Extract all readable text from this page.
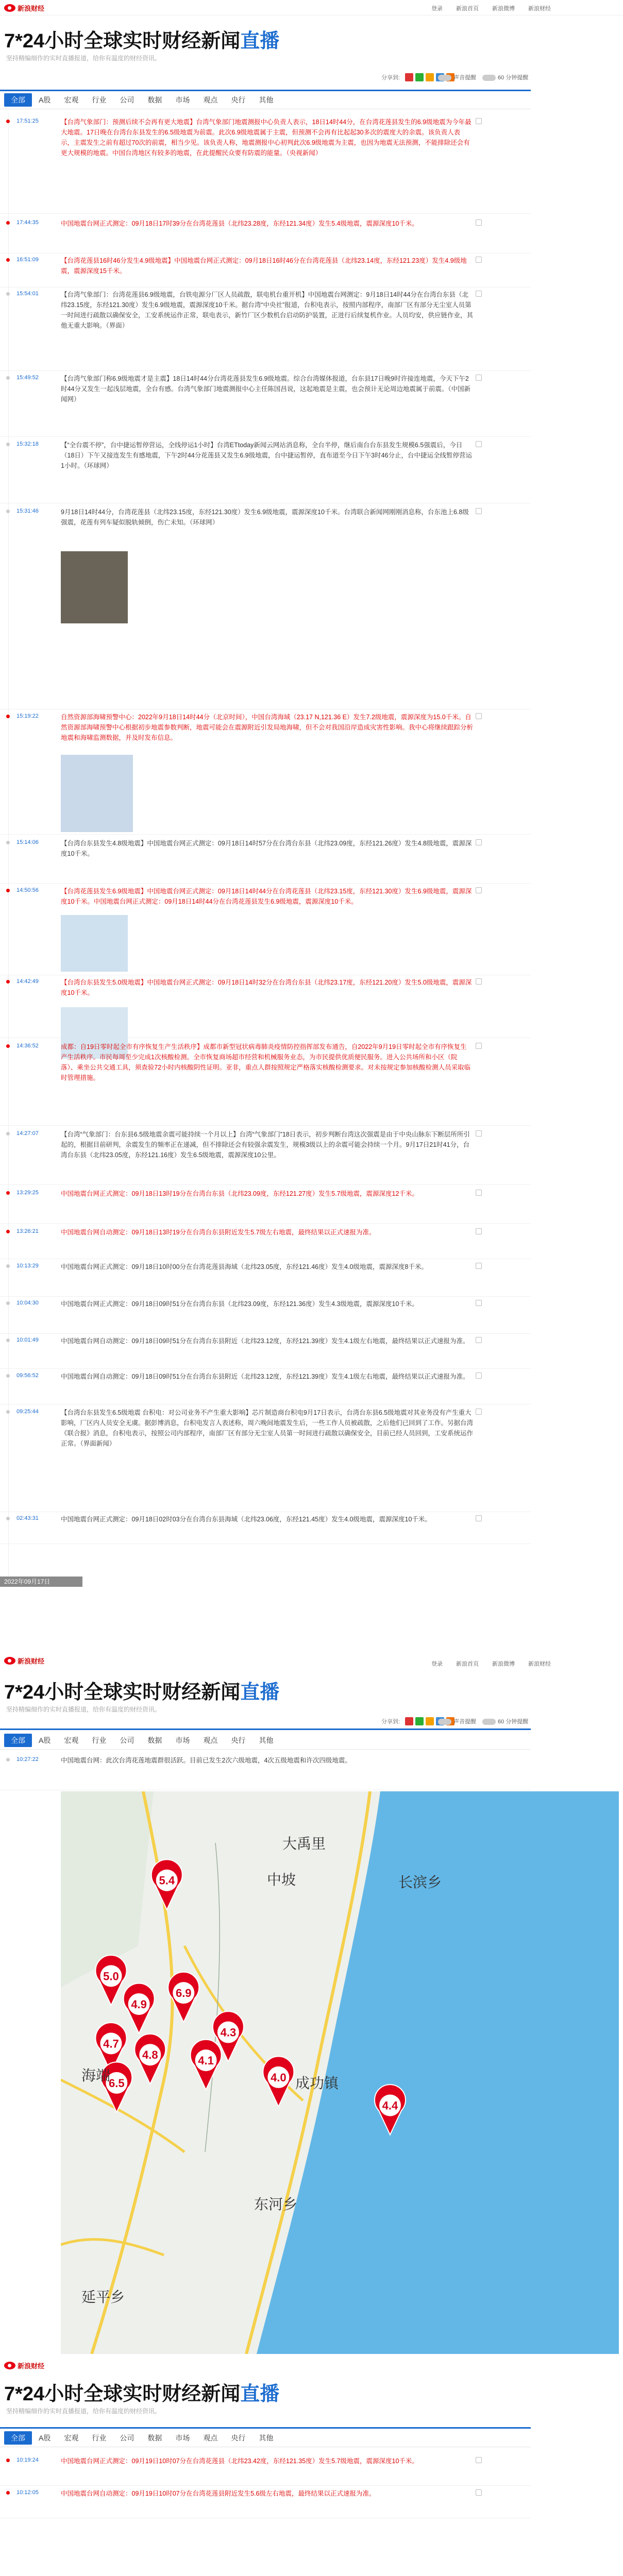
新浪财经	登录 新浪首页 新浪微博 新浪财经
7*24小时全球实时财经新闻直播
坚持精编细作的实时直播报道，给你有温度的财经资讯。
分享到:	声音提醒	60 分钟提醒
全部	A股	宏观	行业	公司	数据	市场	观点	央行	其他
17:51:25	【台湾气象部门：预测后续不会再有更大地震】台湾气象部门地震测报中心负责人表示，18日14时44分，在台湾花莲县发生的6.9级地震为今年最大地震。17日晚在台湾台东县发生的6.5级地震为前震。此次6.9级地震属于主震，但预测不会再有比起起30多次的震度大的余震。该负责人表示，主震发生之前有超过70次的前震，相当少见。该负责人称，地震测报中心初判此次6.9级地震为主震，也因为地震无法预测，不能排除还会有更大规模的地震。中国台湾地区有较多的地震，在此提醒民众要有防震的能量。（央视新闻）
17:44:35	中国地震台网正式测定：09月18日17时39分在台湾花莲县（北纬23.28度，东经121.34度）发生5.4级地震，震源深度10千米。
16:51:09	【台湾花莲县16时46分发生4.9级地震】中国地震台网正式测定：09月18日16时46分在台湾花莲县（北纬23.14度，东经121.23度）发生4.9级地震，震源深度15千米。
15:54:01	【台湾气象部门：台湾花莲县6.9级地震，台铁电源分厂区人员疏散，联电机台重开机】中国地震台网测定：9月18日14时44分在台湾台东县（北纬23.15度，东经121.30度）发生6.9级地震，震源深度10千米。据台湾“中央社”报道，台积电表示，按照内部程序，南部厂区有部分无尘室人员第一时间进行疏散以确保安全，工安系统运作正常，联电表示，新竹厂区少数机台启动防护装置，正进行后续复机作业。人员均安，供应链作业，其他无重大影响。（界面）
15:49:52	【台湾气象部门称6.9级地震才是主震】18日14时44分台湾花莲县发生6.9级地震。综合台湾媒体报道，台东县17日晚9时许接连地震，今天下午2时44分又发生一起浅层地震，全台有感。台湾气象部门地震测报中心主任陈国昌说，这起地震是主震，也会预计无论周边地震属于前震。（中国新闻网）
15:32:18	【“全台震不停”，台中捷运暂停营运，全线停运1小时】台湾ETtoday新闻云网站消息称，全台半停，继后南台台东县发生规模6.5强震后，今日（18日）下午又接连发生有感地震，下午2时44分花莲县又发生6.9级地震，台中捷运暂停，直布道至今日下午3时46分止，台中捷运全线暂停营运1小时。（环球网）
15:31:46	9月18日14时44分，台湾花莲县（北纬23.15度，东经121.30度）发生6.9级地震，震源深度10千米。台湾联合新闻网刚刚消息称，台东池上6.8级强震，花莲有列车疑似脱轨倾倒，伤亡未知。（环球网）
15:19:22	自然资源部海啸预警中心：2022年9月18日14时44分（北京时间），中国台湾海域（23.17 N,121.36 E）发生7.2级地震，震源深度为15.0千米。自然资源部海啸预警中心根据初步地震参数判断，地震可能会在震源附近引发局地海啸，但不会对我国沿岸造成灾害性影响。我中心将继续跟踪分析地震和海啸监测数据，并及时发布信息。
15:14:06	【台湾台东县发生4.8级地震】中国地震台网正式测定：09月18日14时57分在台湾台东县（北纬23.09度，东经121.26度）发生4.8级地震，震源深度10千米。
14:50:56	【台湾花莲县发生6.9级地震】中国地震台网正式测定：09月18日14时44分在台湾花莲县（北纬23.15度，东经121.30度）发生6.9级地震，震源深度10千米。中国地震台网正式测定：09月18日14时44分在台湾花莲县发生6.9级地震，震源深度10千米。
14:42:49	【台湾台东县发生5.0级地震】中国地震台网正式测定：09月18日14时32分在台湾台东县（北纬23.17度，东经121.20度）发生5.0级地震，震源深度10千米。
14:36:52	成都：自19日零时起全市有序恢复生产生活秩序】成都市新型冠状病毒肺炎疫情防控指挥部发布通告，自2022年9月19日零时起全市有序恢复生产生活秩序。市民每周至少完成1次核酸检测。全市恢复商场超市经营和机械服务业态，为市民提供优质便民服务。进入公共场所和小区（院落）、乘坐公共交通工具，须查验72小时内核酸阴性证明。亚非，重点人群按照规定严格落实核酸检测要求。对未按规定参加核酸检测人员采取临时管理措施。
14:27:07	【台湾“气象部门：台东县6.5级地震余震可能持续一个月以上】台湾“气象部门”18日表示，初步判断台湾这次强震是由于中央山脉东下断层所所引起的，根据目前研判，余震发生的频率正在递减，但不排除还会有较强余震发生，规模3级以上的余震可能会持续一个月。9月17日21时41分，台湾台东县（北纬23.05度，东经121.16度）发生6.5级地震，震源深度10公里。
13:29:25	中国地震台网正式测定：09月18日13时19分在台湾台东县（北纬23.09度，东经121.27度）发生5.7级地震，震源深度12千米。
13:26:21	中国地震台网自动测定：09月18日13时19分在台湾台东县附近发生5.7级左右地震，最终结果以正式速报为准。
10:13:29	中国地震台网正式测定：09月18日10时00分在台湾花莲县海域（北纬23.05度，东经121.46度）发生4.0级地震，震源深度8千米。
10:04:30	中国地震台网正式测定：09月18日09时51分在台湾台东县（北纬23.09度，东经121.36度）发生4.3级地震，震源深度10千米。
10:01:49	中国地震台网自动测定：09月18日09时51分在台湾台东县附近（北纬23.12度，东经121.39度）发生4.1级左右地震，最终结果以正式速报为准。
09:56:52	中国地震台网自动测定：09月18日09时51分在台湾台东县附近（北纬23.12度，东经121.39度）发生4.1级左右地震，最终结果以正式速报为准。
09:25:44	【台湾台东县发生6.5级地震 台积电：对公司业务不产生重大影响】芯片制造商台积电9月17日表示，台湾台东县6.5级地震对其业务没有产生重大影响，厂区内人员安全无虞。据彭博消息，台积电发言人表述称，周六晚间地震发生后，一些工作人员被疏散，之后他们已回到了工作。另据台湾《联合报》消息，台积电表示，按照公司内部程序，南部厂区有部分无尘室人员第一时间进行疏散以确保安全，目前已经人员回到，工安系统运作正常。（界面新闻）
02:43:31	中国地震台网正式测定：09月18日02时03分在台湾台东县海域（北纬23.06度，东经121.45度）发生4.0级地震，震源深度10千米。
2022年09月17日
新浪财经	登录 新浪首页 新浪微博 新浪财经
7*24小时全球实时财经新闻直播
坚持精编细作的实时直播报道，给你有温度的财经资讯。
分享到:	声音提醒	60 分钟提醒
全部	A股	宏观	行业	公司	数据	市场	观点	央行	其他
10:27:22	中国地震台网：此次台湾花莲地震群很活跃。目前已发生2次六级地震，4次五级地震和许次四级地震。
5.4
5.0
4.9
6.9
4.3
4.7
4.8	4.1
6.5	4.0
4.4
大禹里
长滨乡
中坡
海端	成功镇
东河乡
延平乡
新浪财经
7*24小时全球实时财经新闻直播
坚持精编细作的实时直播报道，给你有温度的财经资讯。
全部	A股	宏观	行业	公司	数据	市场	观点	央行	其他
10:19:24	中国地震台网正式测定：09月19日10时07分在台湾花莲县（北纬23.42度，东经121.35度）发生5.7级地震，震源深度10千米。
10:12:05	中国地震台网自动测定：09月19日10时07分在台湾花莲县附近发生5.6级左右地震，最终结果以正式速报为准。
